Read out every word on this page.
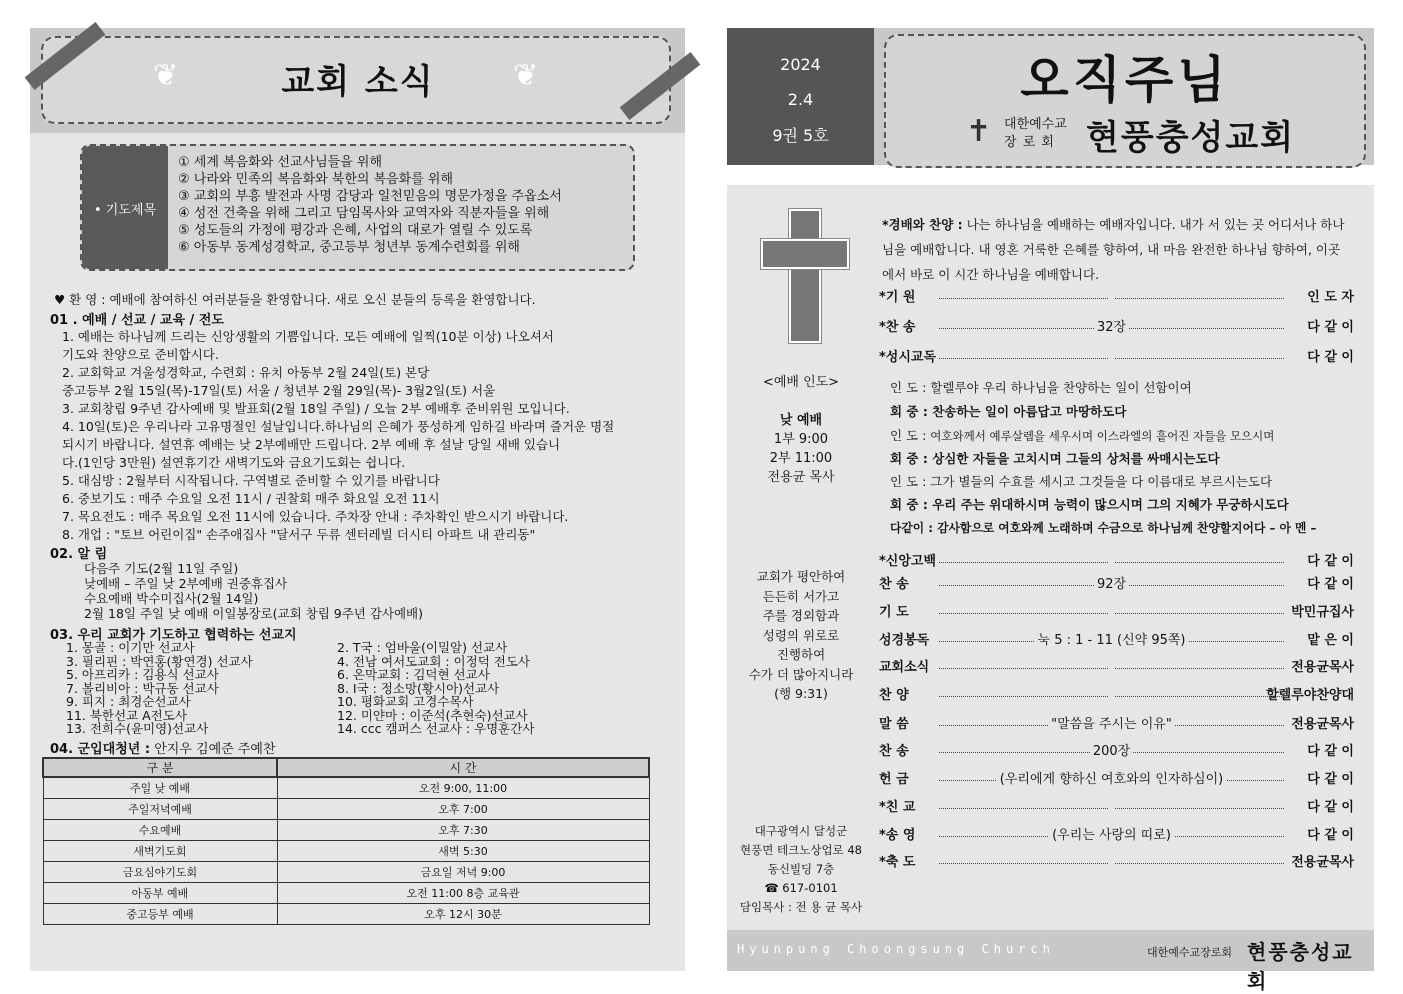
❦	교회 소식	❦
• 기도제목
① 세계 복음화와 선교사님들을 위해
② 나라와 민족의 복음화와 북한의 복음화를 위해
③ 교회의 부흥 발전과 사명 감당과 일천믿음의 명문가정을 주옵소서
④ 성전 건축을 위해 그리고 담임목사와 교역자와 직분자들을 위해
⑤ 성도들의 가정에 평강과 은혜, 사업의 대로가 열릴 수 있도록
⑥ 아동부 동계성경학교, 중고등부 청년부 동계수련회를 위해
♥ 환 영 : 예배에 참여하신 여러분들을 환영합니다. 새로 오신 분들의 등록을 환영합니다.
01 . 예배 / 선교 / 교육 / 전도
1. 예배는 하나님께 드리는 신앙생활의 기쁨입니다. 모든 예배에 일찍(10분 이상) 나오셔서
기도와 찬양으로 준비합시다.
2. 교회학교 겨울성경학교, 수련회 : 유치 아동부 2월 24일(토) 본당
중고등부 2월 15일(목)-17일(토) 서울 / 청년부 2월 29일(목)- 3월2일(토) 서울
3. 교회창립 9주년 감사예배 및 발표회(2월 18일 주일) / 오늘 2부 예배후 준비위원 모입니다.
4. 10일(토)은 우리나라 고유명절인 설날입니다.하나님의 은혜가 풍성하게 임하길 바라며 즐거운 명절
되시기 바랍니다. 설연휴 예배는 낮 2부예배만 드립니다. 2부 예배 후 설날 당일 새배 있습니
다.(1인당 3만원) 설연휴기간 새벽기도와 금요기도회는 쉽니다.
5. 대심방 : 2월부터 시작됩니다. 구역별로 준비할 수 있기를 바랍니다
6. 중보기도 : 매주 수요일 오전 11시 / 권찰회 매주 화요일 오전 11시
7. 목요전도 : 매주 목요일 오전 11시에 있습니다. 주차장 안내 : 주차확인 받으시기 바랍니다.
8. 개업 : "토브 어린이집" 손주애집사 "달서구 두류 센터레빌 더시티 아파트 내 관리동"
02. 알 림
다음주 기도(2월 11일 주일)
낮예배 – 주일 낮 2부예배 권중휴집사
수요예배 박수미집사(2월 14일)
2월 18일 주일 낮 예배 이일봉장로(교회 창립 9주년 감사예배)
03. 우리 교회가 기도하고 협력하는 선교지
1. 몽골 : 이기만 선교사
3. 필리핀 : 박연홍(황연경) 선교사
5. 아프리카 : 김용식 선교사
7. 볼리비아 : 박규동 선교사
9. 피지 : 최경순선교사
11. 북한선교 A전도사
13. 전희수(윤미영)선교사
2. T국 : 엄바울(이밀알) 선교사
4. 전남 여서도교회 : 이정덕 전도사
6. 온막교회 : 김덕현 선교사
8. I국 : 정소망(황시아)선교사
10. 평화교회 고경수목사
12. 미얀마 : 이준석(추현숙)선교사
14. ccc 캠퍼스 선교사 : 우명훈간사
04. 군입대청년 : 안지우 김예준 주예찬
구 분	시 간
주일 낮 예배	오전 9:00, 11:00
주일저녁예배	오후 7:00
수요예배	오후 7:30
새벽기도회	새벽 5:30
금요심야기도회	금요일 저녁 9:00
아동부 예배	오전 11:00 8층 교육관
중고등부 예배	오후 12시 30분
2024
2.4
9권 5호
오직주님
✝ 대한예수교
장 로 회 현풍충성교회
<예배 인도>
낮 예배
1부 9:00
2부 11:00
전용균 목사
교회가 평안하여
든든히 서가고
주를 경외함과
성령의 위로로
진행하여
수가 더 많아지니라
(행 9:31)
대구광역시 달성군
현풍면 테크노상업로 48
동신빌딩 7층
☎ 617-0101
담임목사 : 전 용 균 목사
*경배와 찬양 : 나는 하나님을 예배하는 예배자입니다. 내가 서 있는 곳 어디서나 하나님을 예배합니다. 내 영혼 거룩한 은혜를 향하여, 내 마음 완전한 하나님 향하여, 이곳에서 바로 이 시간 하나님을 예배합니다.
*기 원	인 도 자
*찬 송	32장	다 같 이
*성시교독	다 같 이
인 도 : 할렐루야 우리 하나님을 찬양하는 일이 선함이여
회 중 : 찬송하는 일이 아름답고 마땅하도다
인 도 : 여호와께서 예루살렘을 세우시며 이스라엘의 흩어진 자들을 모으시며
회 중 : 상심한 자들을 고치시며 그들의 상처를 싸매시는도다
인 도 : 그가 별들의 수효를 세시고 그것들을 다 이름대로 부르시는도다
회 중 : 우리 주는 위대하시며 능력이 많으시며 그의 지혜가 무궁하시도다
다같이 : 감사함으로 여호와께 노래하며 수금으로 하나님께 찬양할지어다 – 아 멘 –
*신앙고백	다 같 이
찬 송	92장	다 같 이
기 도	박민규집사
성경봉독	눅 5 : 1 - 11 (신약 95쪽)	맡 은 이
교회소식	전용균목사
찬 양	할렐루야찬양대
말 씀	"말씀을 주시는 이유"	전용균목사
찬 송	200장	다 같 이
헌 금	(우리에게 향하신 여호와의 인자하심이)	다 같 이
*친 교	다 같 이
*송 영	(우리는 사랑의 띠로)	다 같 이
*축 도	전용균목사
Hyunpung Choongsung Church	대한예수교장로회 현풍충성교회
